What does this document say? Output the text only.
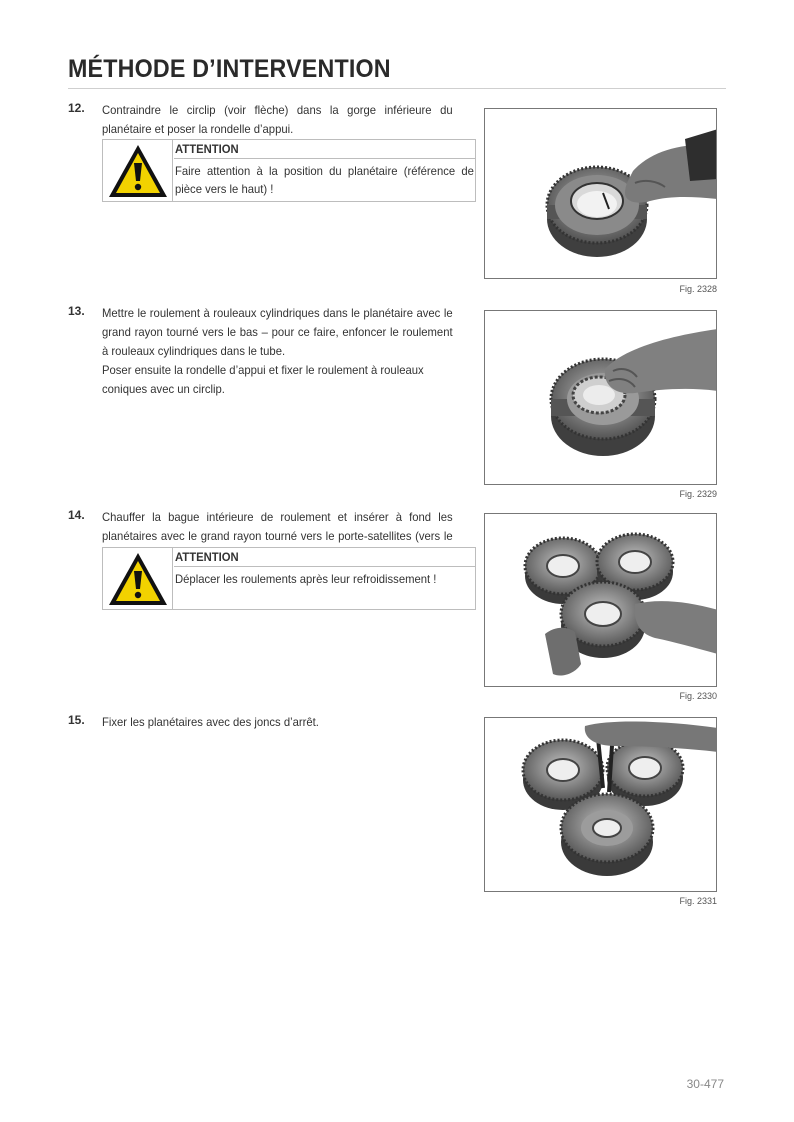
MÉTHODE D’INTERVENTION
12. Contraindre le circlip (voir flèche) dans la gorge inférieure du planétaire et poser la rondelle d’appui.

ATTENTION
Faire attention à la position du planétaire (référence de pièce vers le haut) !
Fig. 2328
13. Mettre le roulement à rouleaux cylindriques dans le planétaire avec le grand rayon tourné vers le bas – pour ce faire, enfoncer le roulement à rouleaux cylindriques dans le tube.

Poser ensuite la rondelle d’appui et fixer le roulement à rouleaux coniques avec un circlip.

Fig. 2329
14. Chauffer la bague intérieure de roulement et insérer à fond les planétaires avec le grand rayon tourné vers le porte-satellites (vers le

ATTENTION
Déplacer les roulements après leur refroidissement !
Fig. 2330
15. Fixer les planétaires avec des joncs d’arrêt.

Fig. 2331
30-477
